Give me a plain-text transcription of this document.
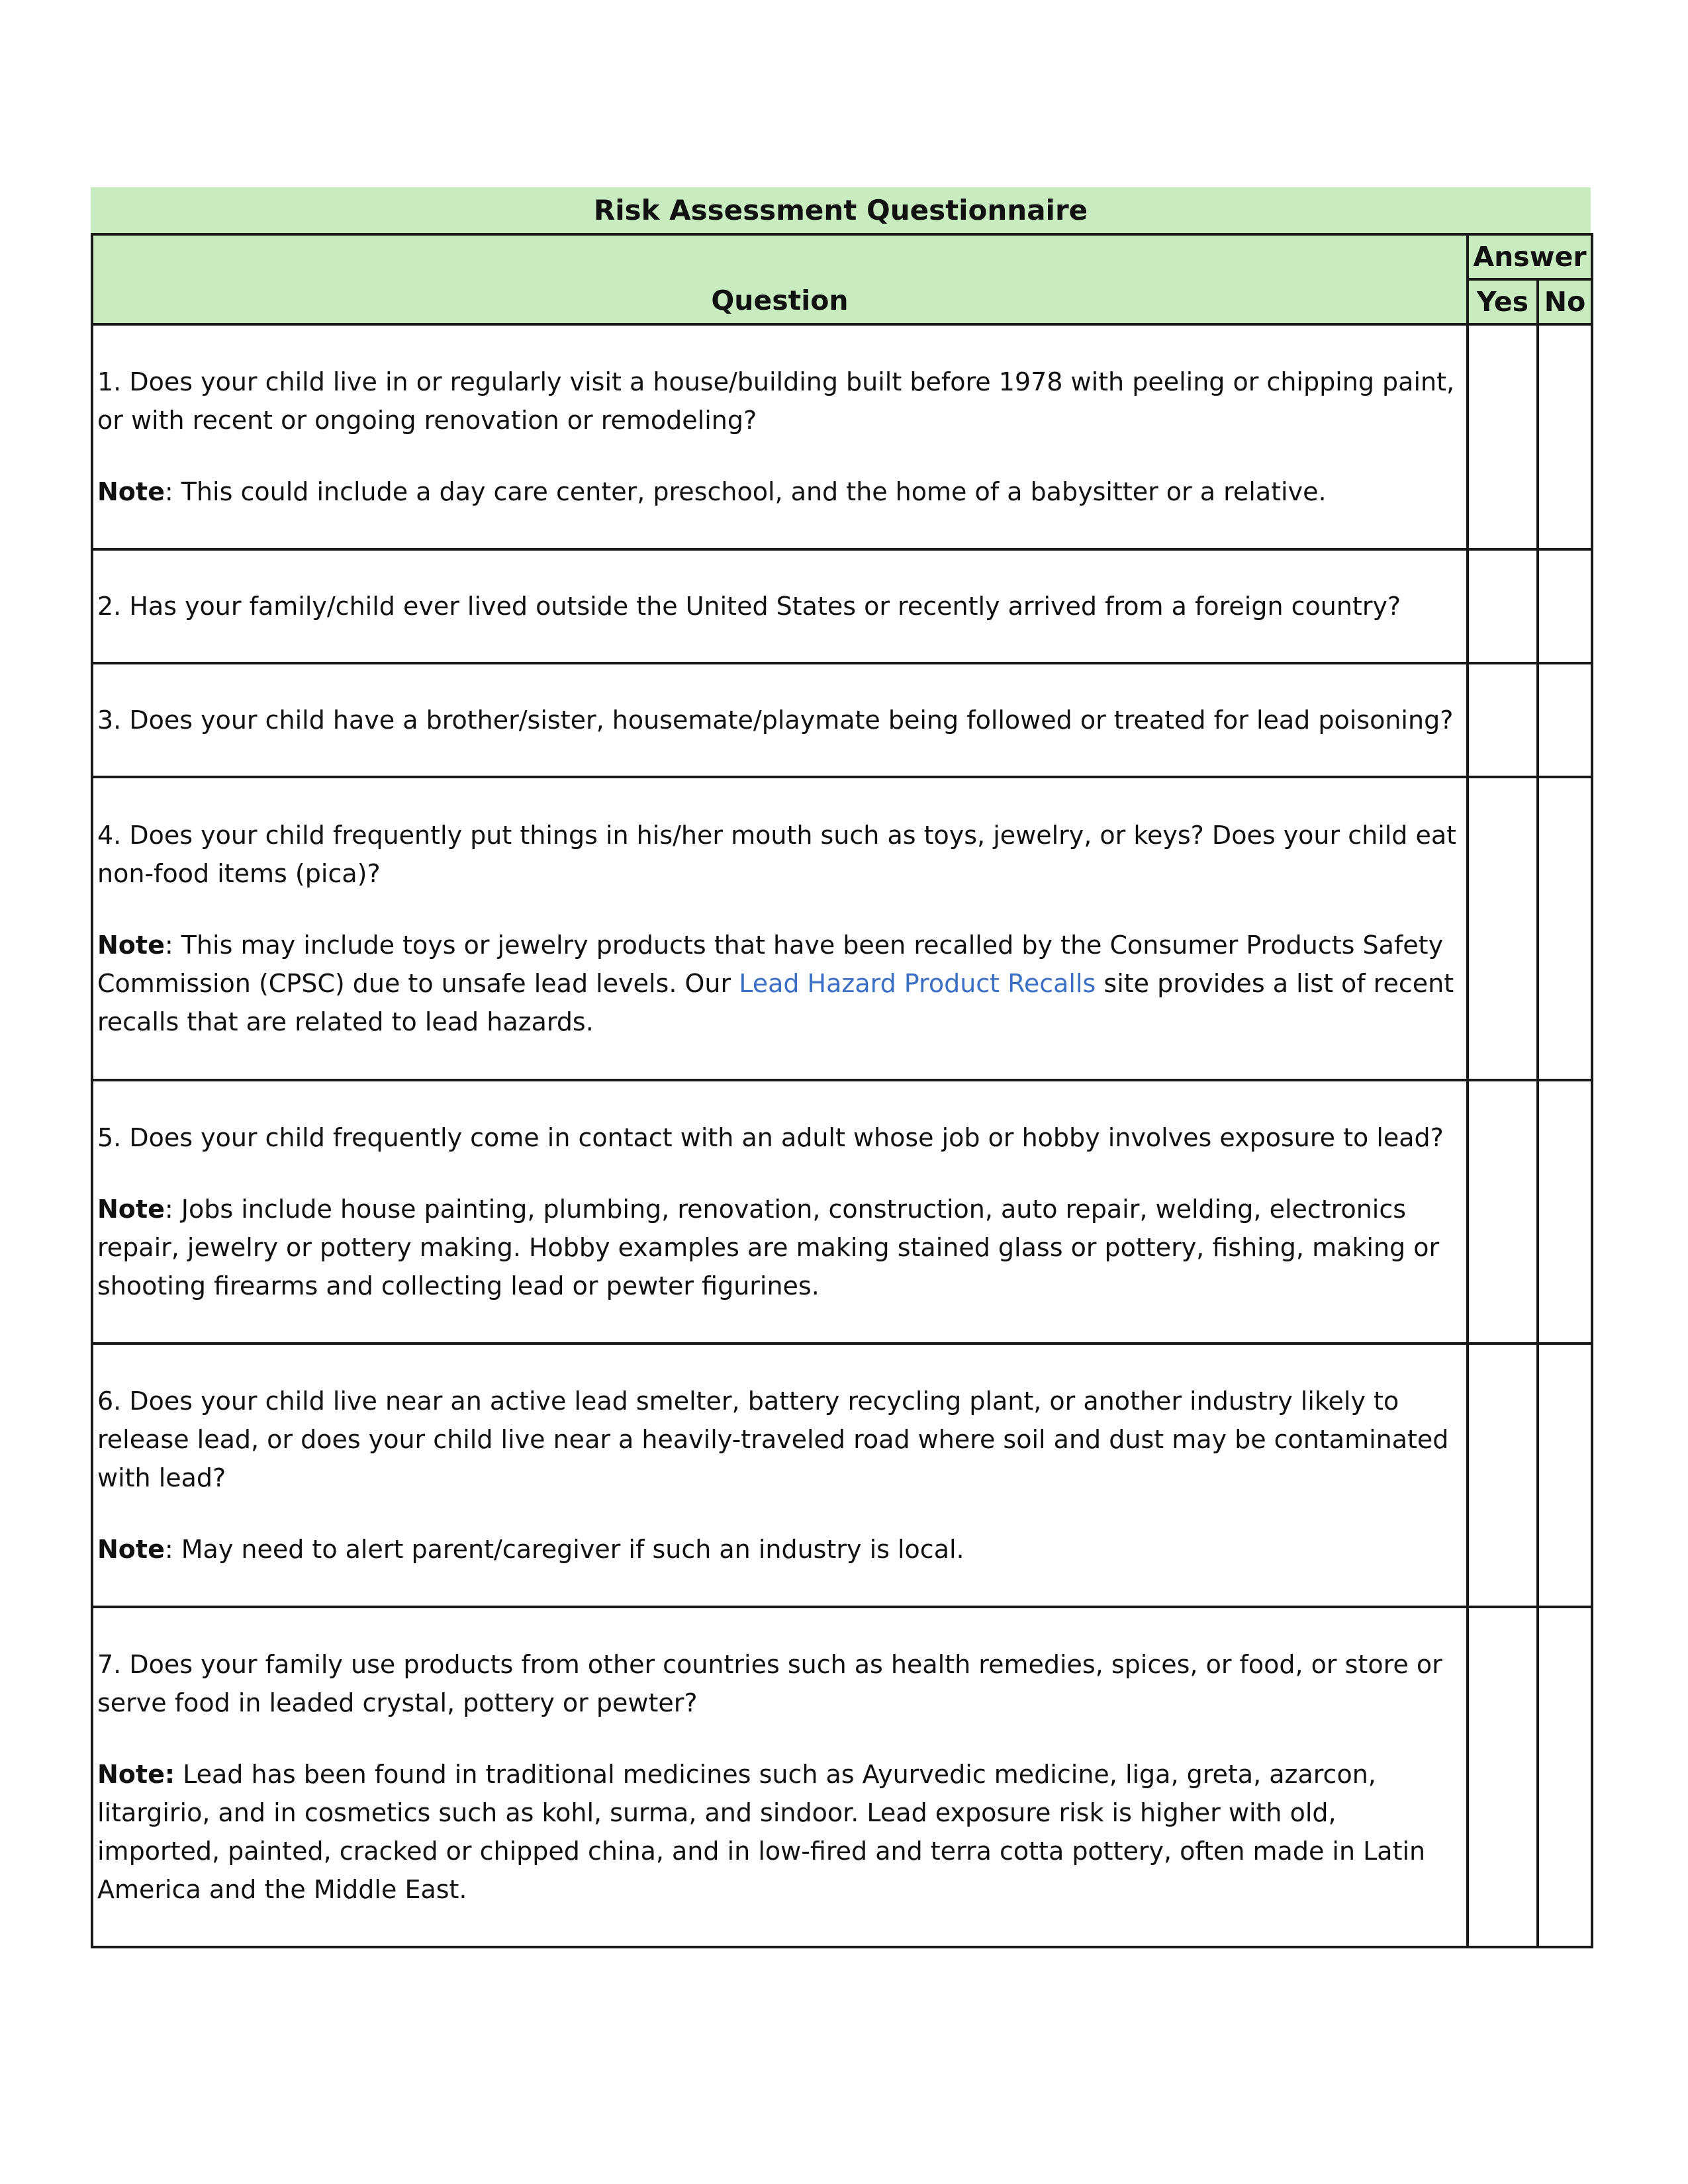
Risk Assessment Questionnaire
Question	Answer	
	Yes	No

1. Does your child live in or regularly visit a house/building built before 1978 with peeling or chipping paint, or with recent or ongoing renovation or remodeling?

Note: This could include a day care center, preschool, and the home of a babysitter or a relative.		

2. Has your family/child ever lived outside the United States or recently arrived from a foreign country?		

3. Does your child have a brother/sister, housemate/playmate being followed or treated for lead poisoning?		

4. Does your child frequently put things in his/her mouth such as toys, jewelry, or keys? Does your child eat non-food items (pica)?

Note: This may include toys or jewelry products that have been recalled by the Consumer Products Safety Commission (CPSC) due to unsafe lead levels. Our Lead Hazard Product Recalls site provides a list of recent recalls that are related to lead hazards.		

5. Does your child frequently come in contact with an adult whose job or hobby involves exposure to lead?

Note: Jobs include house painting, plumbing, renovation, construction, auto repair, welding, electronics repair, jewelry or pottery making. Hobby examples are making stained glass or pottery, fishing, making or shooting firearms and collecting lead or pewter figurines.		

6. Does your child live near an active lead smelter, battery recycling plant, or another industry likely to release lead, or does your child live near a heavily-traveled road where soil and dust may be contaminated with lead?

Note: May need to alert parent/caregiver if such an industry is local.		

7. Does your family use products from other countries such as health remedies, spices, or food, or store or serve food in leaded crystal, pottery or pewter?

Note: Lead has been found in traditional medicines such as Ayurvedic medicine, liga, greta, azarcon, litargirio, and in cosmetics such as kohl, surma, and sindoor. Lead exposure risk is higher with old, imported, painted, cracked or chipped china, and in low-fired and terra cotta pottery, often made in Latin America and the Middle East.		
